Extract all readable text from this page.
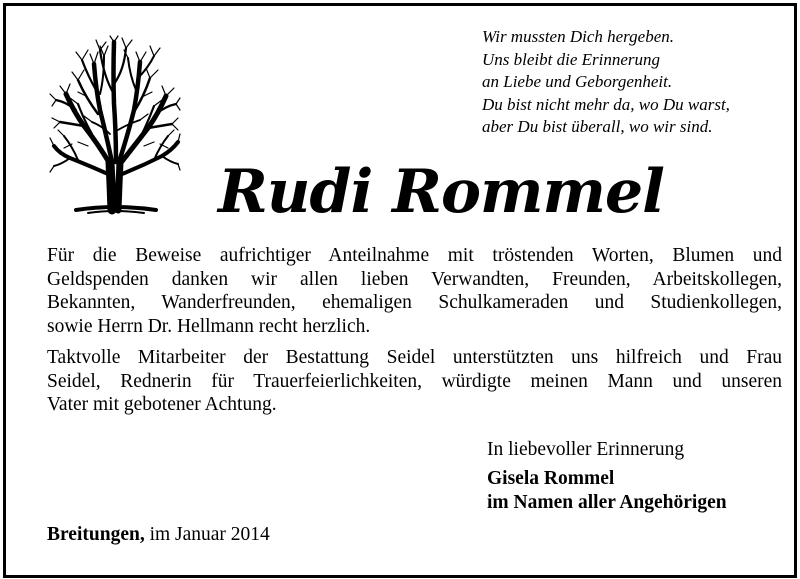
Wir mussten Dich hergeben.
Uns bleibt die Erinnerung
an Liebe und Geborgenheit.
Du bist nicht mehr da, wo Du warst,
aber Du bist überall, wo wir sind.
Rudi Rommel
Für die Beweise aufrichtiger Anteilnahme mit tröstenden Worten, Blumen und
Geldspenden danken wir allen lieben Verwandten, Freunden, Arbeitskollegen,
Bekannten, Wanderfreunden, ehemaligen Schulkameraden und Studienkollegen,
sowie Herrn Dr. Hellmann recht herzlich.
Taktvolle Mitarbeiter der Bestattung Seidel unterstützten uns hilfreich und Frau
Seidel, Rednerin für Trauerfeierlichkeiten, würdigte meinen Mann und unseren
Vater mit gebotener Achtung.
In liebevoller Erinnerung
Gisela Rommel
im Namen aller Angehörigen
Breitungen, im Januar 2014
